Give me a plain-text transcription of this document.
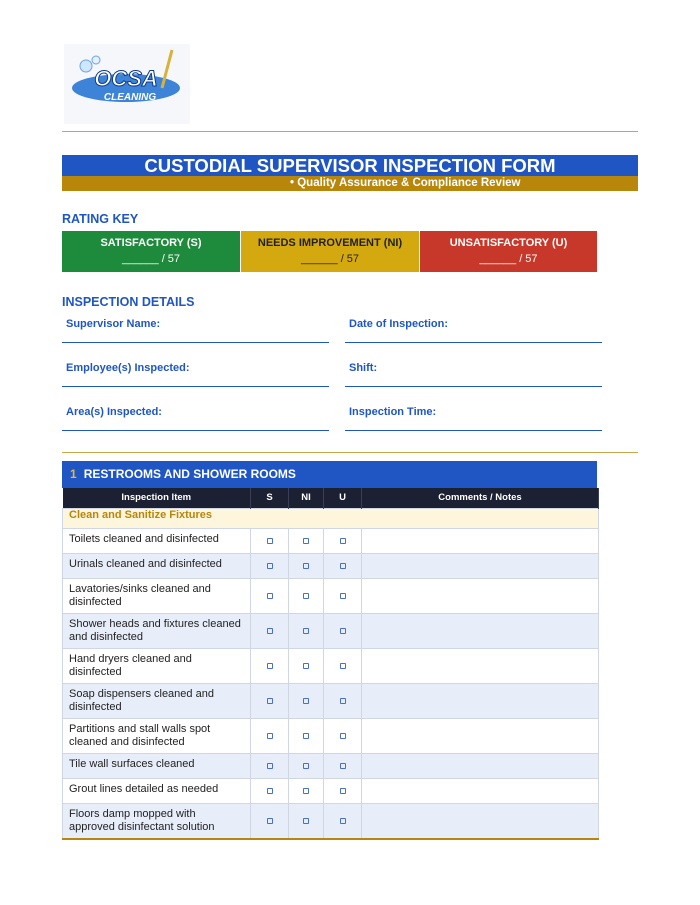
OCSA
CLEANING
CUSTODIAL SUPERVISOR INSPECTION FORM
• Quality Assurance & Compliance Review
RATING KEY
SATISFACTORY (S)
______ / 57
NEEDS IMPROVEMENT (NI)
______ / 57
UNSATISFACTORY (U)
______ / 57
INSPECTION DETAILS
Supervisor Name:	Date of Inspection:
Employee(s) Inspected:	Shift:
Area(s) Inspected:	Inspection Time:
1 RESTROOMS AND SHOWER ROOMS
Inspection Item	S	NI	U	Comments / Notes
Clean and Sanitize Fixtures				
Toilets cleaned and disinfected				
Urinals cleaned and disinfected				
Lavatories/sinks cleaned and disinfected				
Shower heads and fixtures cleaned and disinfected				
Hand dryers cleaned and disinfected				
Soap dispensers cleaned and disinfected				
Partitions and stall walls spot cleaned and disinfected				
Tile wall surfaces cleaned				
Grout lines detailed as needed				
Floors damp mopped with approved disinfectant solution				
